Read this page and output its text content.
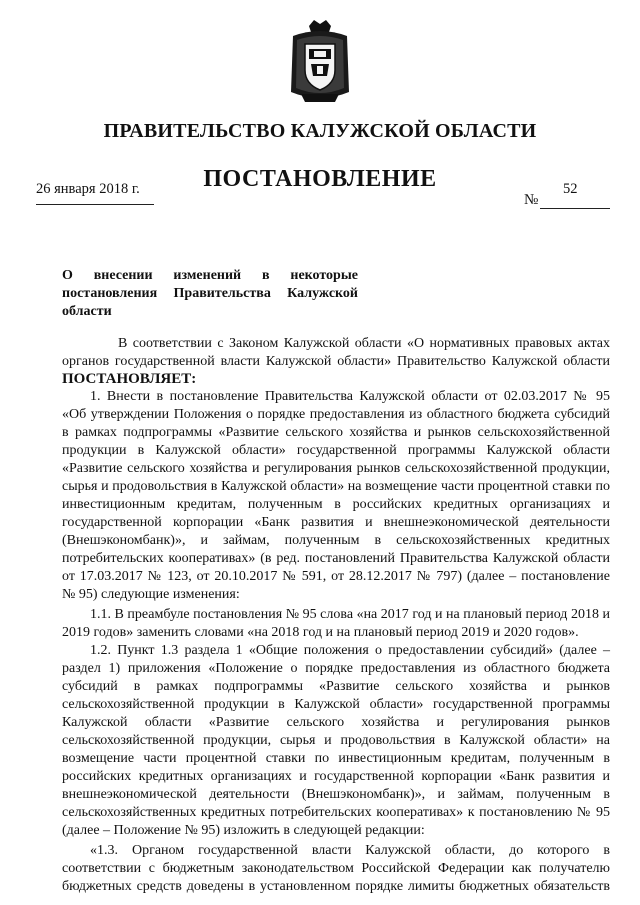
ПРАВИТЕЛЬСТВО КАЛУЖСКОЙ ОБЛАСТИ
ПОСТАНОВЛЕНИЕ
26 января 2018 г.	52
№
О внесении изменений в некоторые
постановления Правительства Калужской
области
В соответствии с Законом Калужской области «О нормативных правовых актах
органов государственной власти Калужской области» Правительство Калужской области
ПОСТАНОВЛЯЕТ:
1. Внести в постановление Правительства Калужской области от 02.03.2017 № 95
«Об утверждении Положения о порядке предоставления из областного бюджета субсидий
в рамках подпрограммы «Развитие сельского хозяйства и рынков сельскохозяйственной
продукции в Калужской области» государственной программы Калужской области
«Развитие сельского хозяйства и регулирования рынков сельскохозяйственной продукции,
сырья и продовольствия в Калужской области» на возмещение части процентной ставки по
инвестиционным кредитам, полученным в российских кредитных организациях и
государственной корпорации «Банк развития и внешнеэкономической деятельности
(Внешэкономбанк)», и займам, полученным в сельскохозяйственных кредитных
потребительских кооперативах» (в ред. постановлений Правительства Калужской области
от 17.03.2017 № 123, от 20.10.2017 № 591, от 28.12.2017 № 797) (далее – постановление
№ 95) следующие изменения:
1.1. В преамбуле постановления № 95 слова «на 2017 год и на плановый период 2018 и
2019 годов» заменить словами «на 2018 год и на плановый период 2019 и 2020 годов».
1.2. Пункт 1.3 раздела 1 «Общие положения о предоставлении субсидий» (далее –
раздел 1) приложения «Положение о порядке предоставления из областного бюджета
субсидий в рамках подпрограммы «Развитие сельского хозяйства и рынков
сельскохозяйственной продукции в Калужской области» государственной программы
Калужской области «Развитие сельского хозяйства и регулирования рынков
сельскохозяйственной продукции, сырья и продовольствия в Калужской области» на
возмещение части процентной ставки по инвестиционным кредитам, полученным в
российских кредитных организациях и государственной корпорации «Банк развития и
внешнеэкономической деятельности (Внешэкономбанк)», и займам, полученным в
сельскохозяйственных кредитных потребительских кооперативах» к постановлению № 95
(далее – Положение № 95) изложить в следующей редакции:
«1.3. Органом государственной власти Калужской области, до которого в
соответствии с бюджетным законодательством Российской Федерации как получателю
бюджетных средств доведены в установленном порядке лимиты бюджетных обязательств
